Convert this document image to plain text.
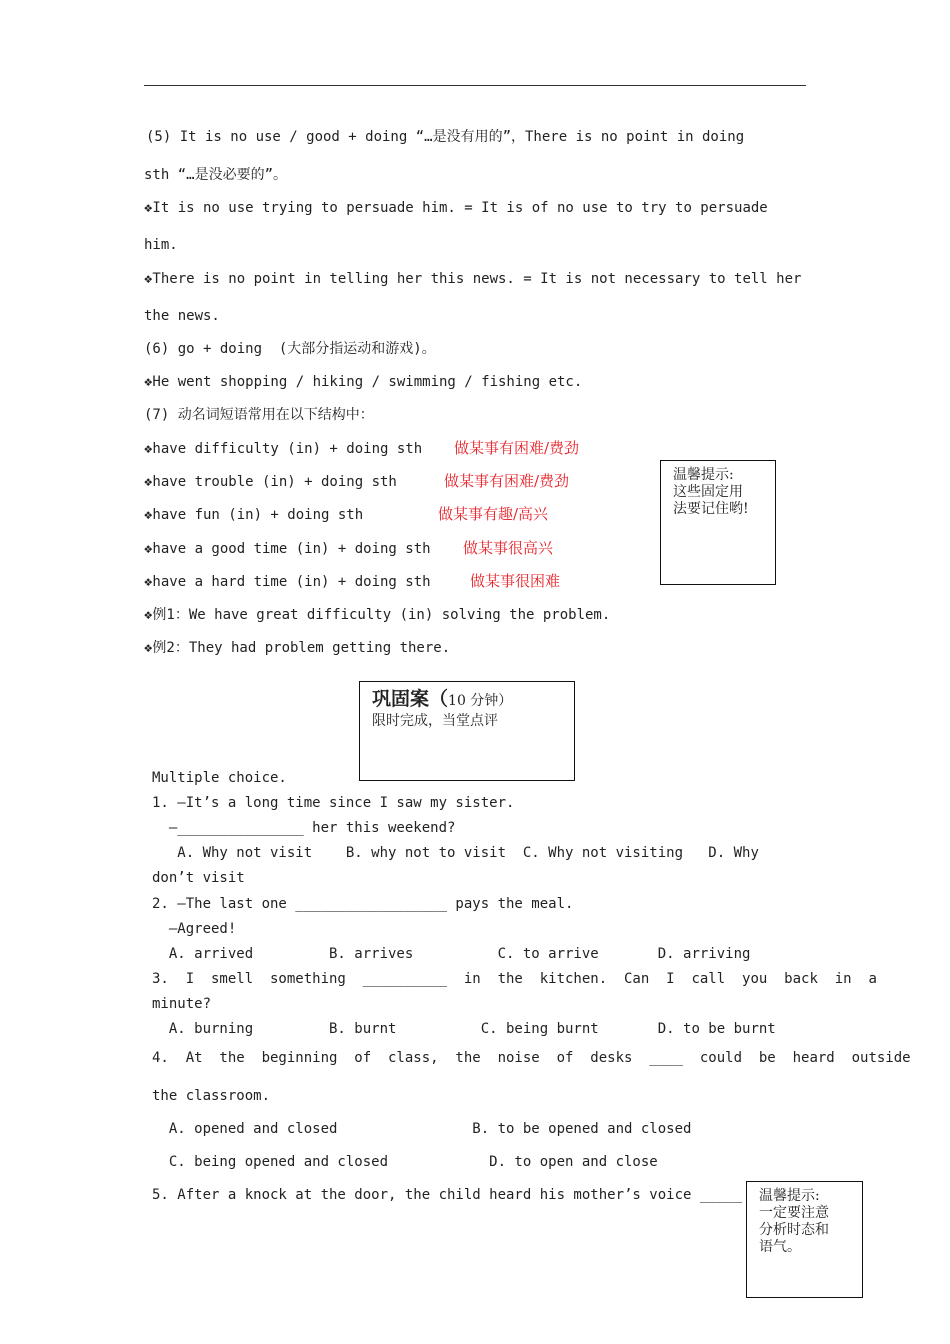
(5) It is no use / good + doing “…是没有用的”，There is no point in doing
sth “…是没必要的”。
❖It is no use trying to persuade him. = It is of no use to try to persuade
him.
❖There is no point in telling her this news. = It is not necessary to tell her
the news.
(6) go + doing  (大部分指运动和游戏)。
❖He went shopping / hiking / swimming / fishing etc.
(7) 动名词短语常用在以下结构中：
❖have difficulty (in) + doing sth 做某事有困难/费劲
❖have trouble (in) + doing sth	做某事有困难/费劲
❖have fun (in) + doing sth	做某事有趣/高兴
❖have a good time (in) + doing sth 做某事很高兴
❖have a hard time (in) + doing sth	做某事很困难
❖例1：We have great difficulty (in) solving the problem.
❖例2：They had problem getting there.
温馨提示:
这些固定用
法要记住哟!
巩固案（10 分钟）
限时完成，当堂点评
Multiple choice.
1. —It’s a long time since I saw my sister.
—_______________ her this weekend?
A. Why not visit    B. why not to visit  C. Why not visiting   D. Why
don’t visit
2. —The last one __________________ pays the meal.
—Agreed!
A. arrived         B. arrives          C. to arrive       D. arriving
3.  I  smell  something  __________  in  the  kitchen.  Can  I  call  you  back  in  a
minute?
A. burning         B. burnt          C. being burnt       D. to be burnt
4.  At  the  beginning  of  class,  the  noise  of  desks  ____  could  be  heard  outside
the classroom.
A. opened and closed                B. to be opened and closed
C. being opened and closed            D. to open and close
5. After a knock at the door, the child heard his mother’s voice _____	温馨提示:
一定要注意
分析时态和
语气。
